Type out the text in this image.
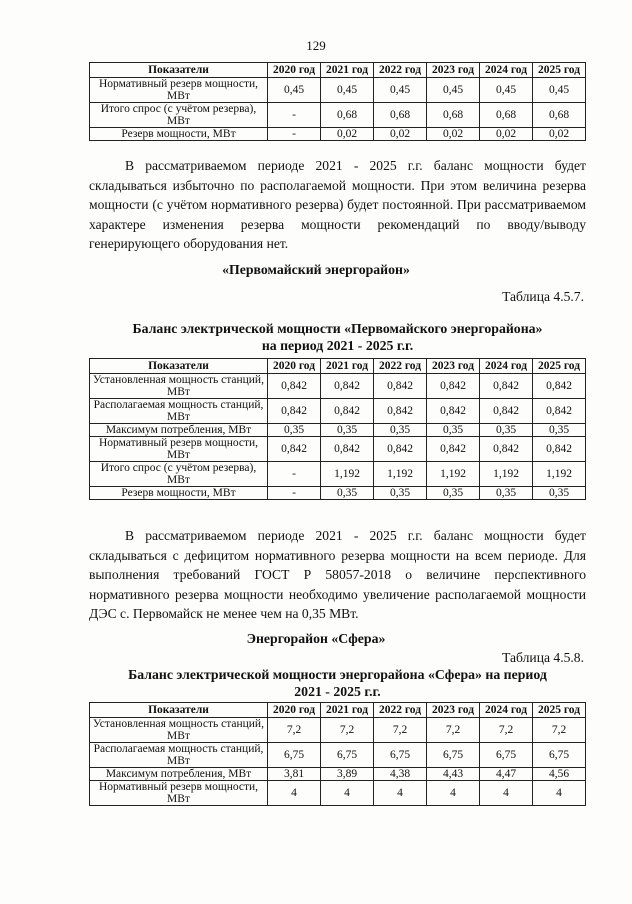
129
Показатели	2020 год	2021 год	2022 год	2023 год	2024 год	2025 год
Нормативный резерв мощности, МВт	0,45	0,45	0,45	0,45	0,45	0,45
Итого спрос (с учётом резерва), МВт	-	0,68	0,68	0,68	0,68	0,68
Резерв мощности, МВт	-	0,02	0,02	0,02	0,02	0,02

В рассматриваемом периоде 2021 - 2025 г.г. баланс мощности будет складываться избыточно по располагаемой мощности. При этом величина резерва мощности (с учётом нормативного резерва) будет постоянной. При рассматриваемом характере изменения резерва мощности рекомендаций по вводу/выводу генерирующего оборудования нет.

«Первомайский энергорайон»
Таблица 4.5.7.
Баланс электрической мощности «Первомайского энергорайона»
на период 2021 - 2025 г.г.
Показатели	2020 год	2021 год	2022 год	2023 год	2024 год	2025 год
Установленная мощность станций, МВт	0,842	0,842	0,842	0,842	0,842	0,842
Располагаемая мощность станций, МВт	0,842	0,842	0,842	0,842	0,842	0,842
Максимум потребления, МВт	0,35	0,35	0,35	0,35	0,35	0,35
Нормативный резерв мощности, МВт	0,842	0,842	0,842	0,842	0,842	0,842
Итого спрос (с учётом резерва), МВт	-	1,192	1,192	1,192	1,192	1,192
Резерв мощности, МВт	-	0,35	0,35	0,35	0,35	0,35

В рассматриваемом периоде 2021 - 2025 г.г. баланс мощности будет складываться с дефицитом нормативного резерва мощности на всем периоде. Для выполнения требований ГОСТ Р 58057-2018 о величине перспективного нормативного резерва мощности необходимо увеличение располагаемой мощности ДЭС с. Первомайск не менее чем на 0,35 МВт.

Энергорайон «Сфера»
Таблица 4.5.8.
Баланс электрической мощности энергорайона «Сфера» на период
2021 - 2025 г.г.
Показатели	2020 год	2021 год	2022 год	2023 год	2024 год	2025 год
Установленная мощность станций, МВт	7,2	7,2	7,2	7,2	7,2	7,2
Располагаемая мощность станций, МВт	6,75	6,75	6,75	6,75	6,75	6,75
Максимум потребления, МВт	3,81	3,89	4,38	4,43	4,47	4,56
Нормативный резерв мощности, МВт	4	4	4	4	4	4
